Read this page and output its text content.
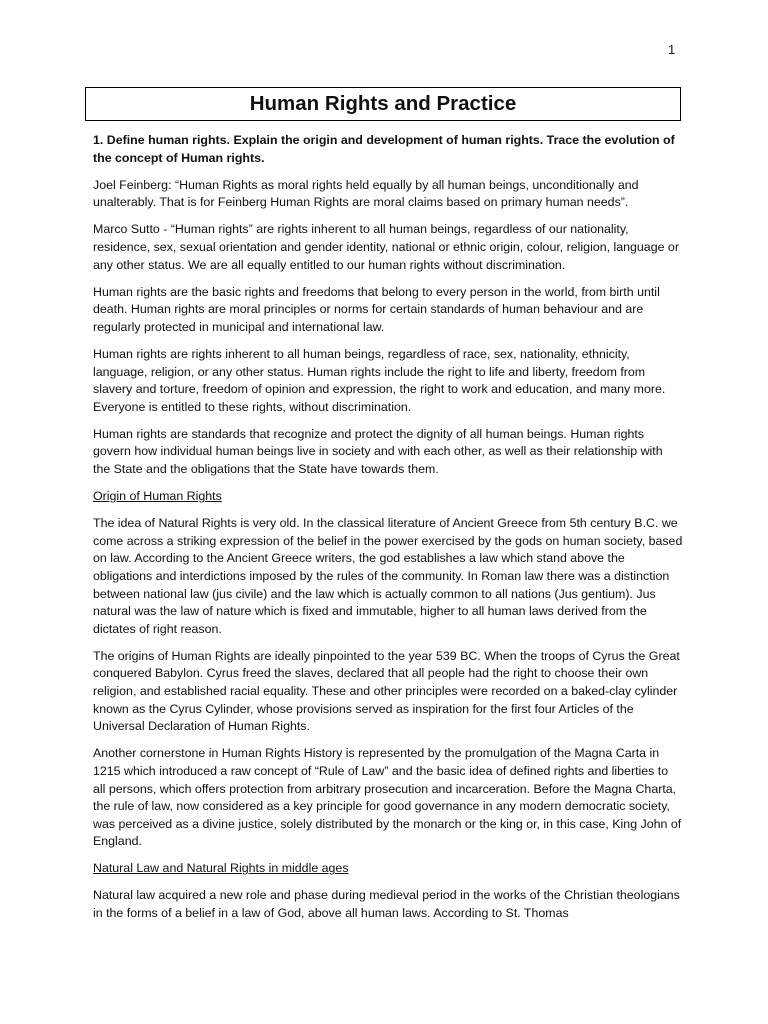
1
Human Rights and Practice

1. Define human rights. Explain the origin and development of human rights. Trace the evolution of the concept of Human rights.

Joel Feinberg: “Human Rights as moral rights held equally by all human beings, unconditionally and unalterably. That is for Feinberg Human Rights are moral claims based on primary human needs”.

Marco Sutto - “Human rights” are rights inherent to all human beings, regardless of our nationality, residence, sex, sexual orientation and gender identity, national or ethnic origin, colour, religion, language or any other status. We are all equally entitled to our human rights without discrimination.

Human rights are the basic rights and freedoms that belong to every person in the world, from birth until death. Human rights are moral principles or norms for certain standards of human behaviour and are regularly protected in municipal and international law.

Human rights are rights inherent to all human beings, regardless of race, sex, nationality, ethnicity, language, religion, or any other status. Human rights include the right to life and liberty, freedom from slavery and torture, freedom of opinion and expression, the right to work and education, and many more. Everyone is entitled to these rights, without discrimination.

Human rights are standards that recognize and protect the dignity of all human beings. Human rights govern how individual human beings live in society and with each other, as well as their relationship with the State and the obligations that the State have towards them.

Origin of Human Rights

The idea of Natural Rights is very old. In the classical literature of Ancient Greece from 5th century B.C. we come across a striking expression of the belief in the power exercised by the gods on human society, based on law. According to the Ancient Greece writers, the god establishes a law which stand above the obligations and interdictions imposed by the rules of the community. In Roman law there was a distinction between national law (jus civile) and the law which is actually common to all nations (Jus gentium). Jus natural was the law of nature which is fixed and immutable, higher to all human laws derived from the dictates of right reason.

The origins of Human Rights are ideally pinpointed to the year 539 BC. When the troops of Cyrus the Great conquered Babylon. Cyrus freed the slaves, declared that all people had the right to choose their own religion, and established racial equality. These and other principles were recorded on a baked-clay cylinder known as the Cyrus Cylinder, whose provisions served as inspiration for the first four Articles of the Universal Declaration of Human Rights.

Another cornerstone in Human Rights History is represented by the promulgation of the Magna Carta in 1215 which introduced a raw concept of “Rule of Law” and the basic idea of defined rights and liberties to all persons, which offers protection from arbitrary prosecution and incarceration. Before the Magna Charta, the rule of law, now considered as a key principle for good governance in any modern democratic society, was perceived as a divine justice, solely distributed by the monarch or the king or, in this case, King John of England.

Natural Law and Natural Rights in middle ages

Natural law acquired a new role and phase during medieval period in the works of the Christian theologians in the forms of a belief in a law of God, above all human laws. According to St. Thomas
